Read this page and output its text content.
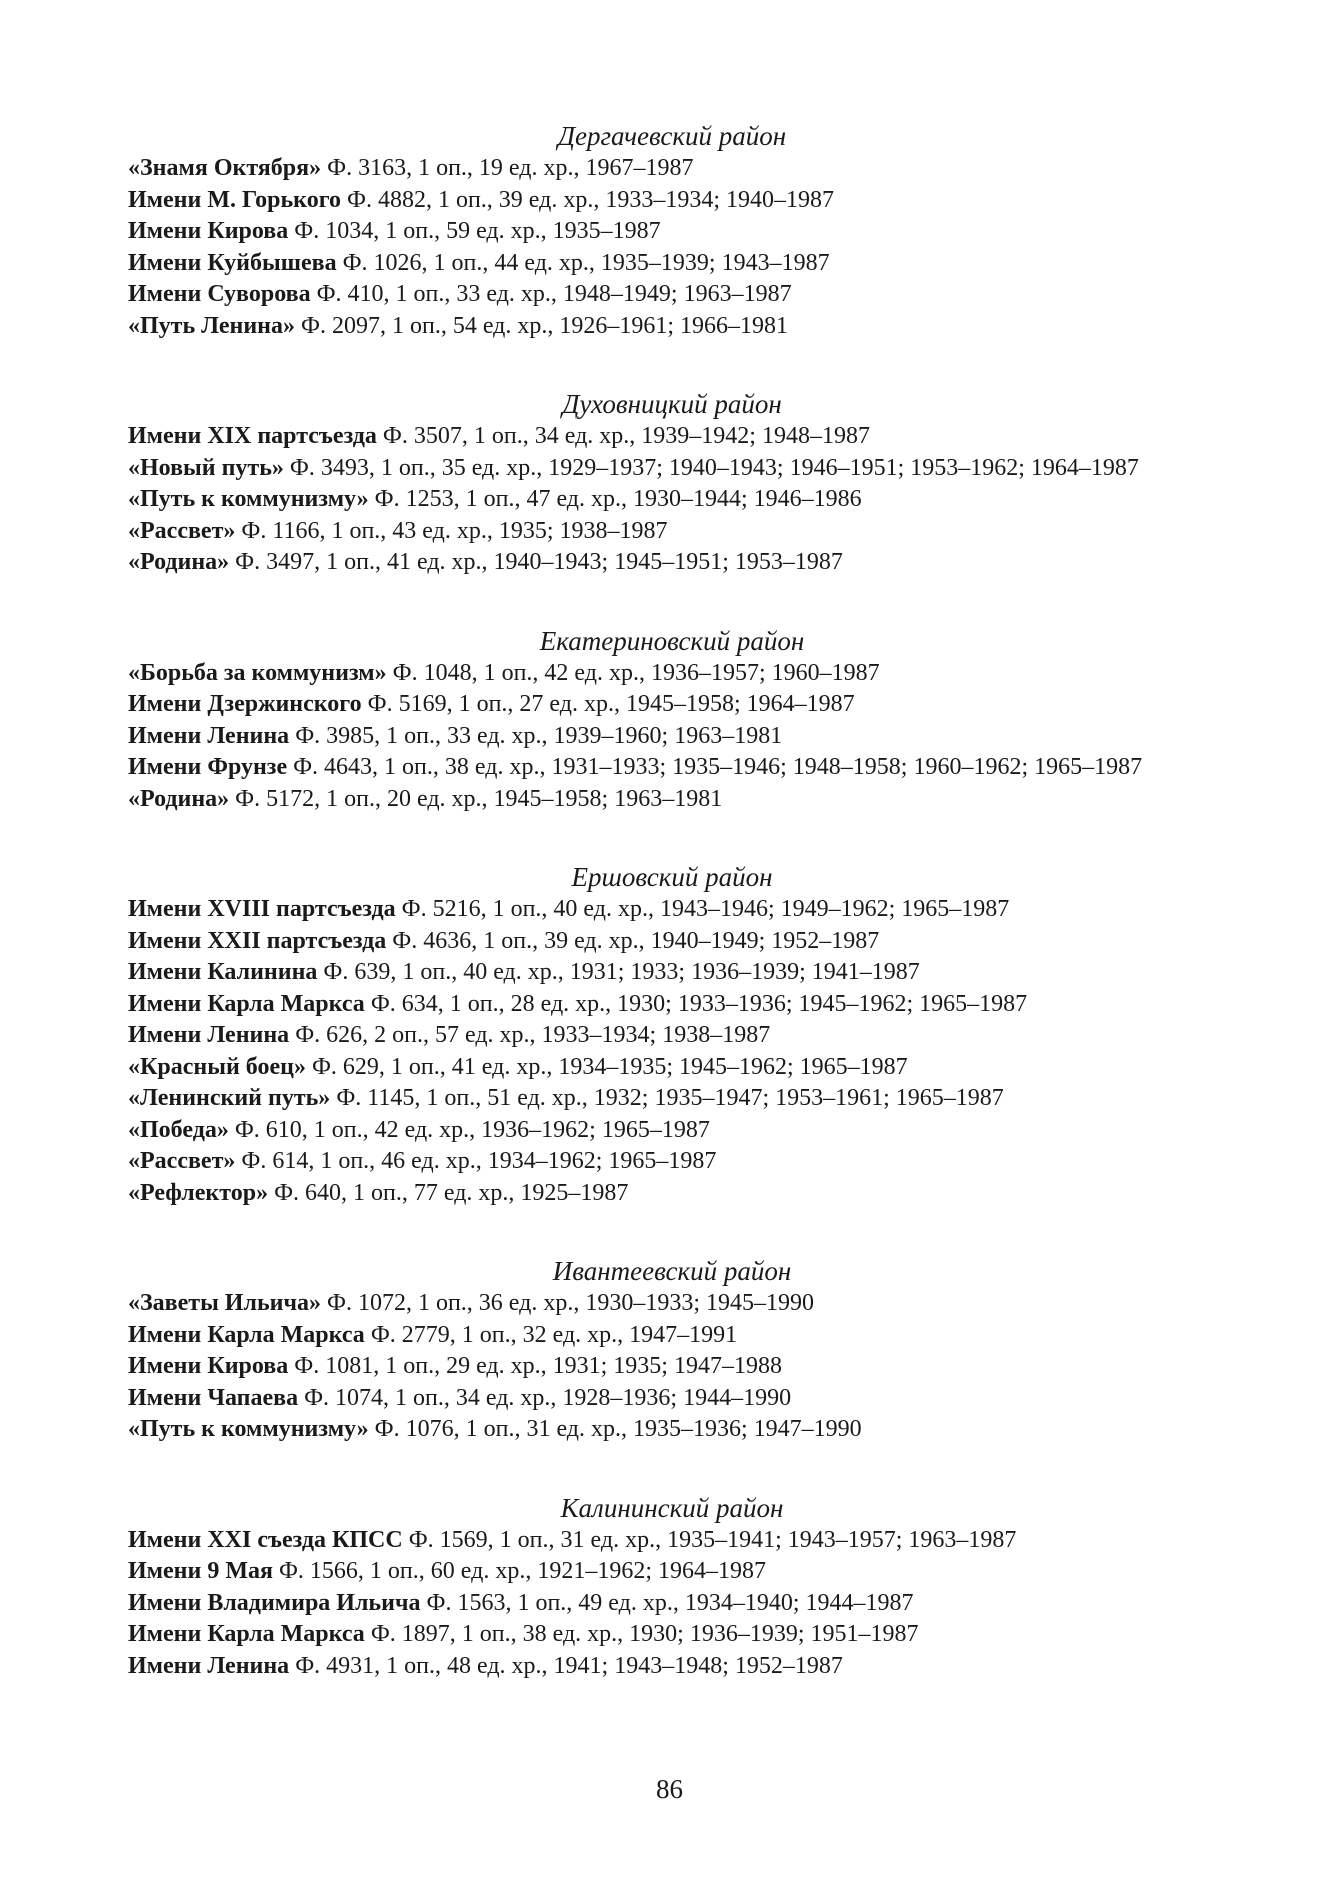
Дергачевский район

«Знамя Октября» Ф. 3163, 1 оп., 19 ед. хр., 1967–1987

Имени М. Горького Ф. 4882, 1 оп., 39 ед. хр., 1933–1934; 1940–1987

Имени Кирова Ф. 1034, 1 оп., 59 ед. хр., 1935–1987

Имени Куйбышева Ф. 1026, 1 оп., 44 ед. хр., 1935–1939; 1943–1987

Имени Суворова Ф. 410, 1 оп., 33 ед. хр., 1948–1949; 1963–1987

«Путь Ленина» Ф. 2097, 1 оп., 54 ед. хр., 1926–1961; 1966–1981

Духовницкий район

Имени XIX партсъезда Ф. 3507, 1 оп., 34 ед. хр., 1939–1942; 1948–1987

«Новый путь» Ф. 3493, 1 оп., 35 ед. хр., 1929–1937; 1940–1943; 1946–1951; 1953–1962; 1964–1987

«Путь к коммунизму» Ф. 1253, 1 оп., 47 ед. хр., 1930–1944; 1946–1986

«Рассвет» Ф. 1166, 1 оп., 43 ед. хр., 1935; 1938–1987

«Родина» Ф. 3497, 1 оп., 41 ед. хр., 1940–1943; 1945–1951; 1953–1987

Екатериновский район

«Борьба за коммунизм» Ф. 1048, 1 оп., 42 ед. хр., 1936–1957; 1960–1987

Имени Дзержинского Ф. 5169, 1 оп., 27 ед. хр., 1945–1958; 1964–1987

Имени Ленина Ф. 3985, 1 оп., 33 ед. хр., 1939–1960; 1963–1981

Имени Фрунзе Ф. 4643, 1 оп., 38 ед. хр., 1931–1933; 1935–1946; 1948–1958; 1960–1962; 1965–1987

«Родина» Ф. 5172, 1 оп., 20 ед. хр., 1945–1958; 1963–1981

Ершовский район

Имени XVIII партсъезда Ф. 5216, 1 оп., 40 ед. хр., 1943–1946; 1949–1962; 1965–1987

Имени XXII партсъезда Ф. 4636, 1 оп., 39 ед. хр., 1940–1949; 1952–1987

Имени Калинина Ф. 639, 1 оп., 40 ед. хр., 1931; 1933; 1936–1939; 1941–1987

Имени Карла Маркса Ф. 634, 1 оп., 28 ед. хр., 1930; 1933–1936; 1945–1962; 1965–1987

Имени Ленина Ф. 626, 2 оп., 57 ед. хр., 1933–1934; 1938–1987

«Красный боец» Ф. 629, 1 оп., 41 ед. хр., 1934–1935; 1945–1962; 1965–1987

«Ленинский путь» Ф. 1145, 1 оп., 51 ед. хр., 1932; 1935–1947; 1953–1961; 1965–1987

«Победа» Ф. 610, 1 оп., 42 ед. хр., 1936–1962; 1965–1987

«Рассвет» Ф. 614, 1 оп., 46 ед. хр., 1934–1962; 1965–1987

«Рефлектор» Ф. 640, 1 оп., 77 ед. хр., 1925–1987

Ивантеевский район

«Заветы Ильича» Ф. 1072, 1 оп., 36 ед. хр., 1930–1933; 1945–1990

Имени Карла Маркса Ф. 2779, 1 оп., 32 ед. хр., 1947–1991

Имени Кирова Ф. 1081, 1 оп., 29 ед. хр., 1931; 1935; 1947–1988

Имени Чапаева Ф. 1074, 1 оп., 34 ед. хр., 1928–1936; 1944–1990

«Путь к коммунизму» Ф. 1076, 1 оп., 31 ед. хр., 1935–1936; 1947–1990

Калининский район

Имени XXI съезда КПСС Ф. 1569, 1 оп., 31 ед. хр., 1935–1941; 1943–1957; 1963–1987

Имени 9 Мая Ф. 1566, 1 оп., 60 ед. хр., 1921–1962; 1964–1987

Имени Владимира Ильича Ф. 1563, 1 оп., 49 ед. хр., 1934–1940; 1944–1987

Имени Карла Маркса Ф. 1897, 1 оп., 38 ед. хр., 1930; 1936–1939; 1951–1987

Имени Ленина Ф. 4931, 1 оп., 48 ед. хр., 1941; 1943–1948; 1952–1987

86
